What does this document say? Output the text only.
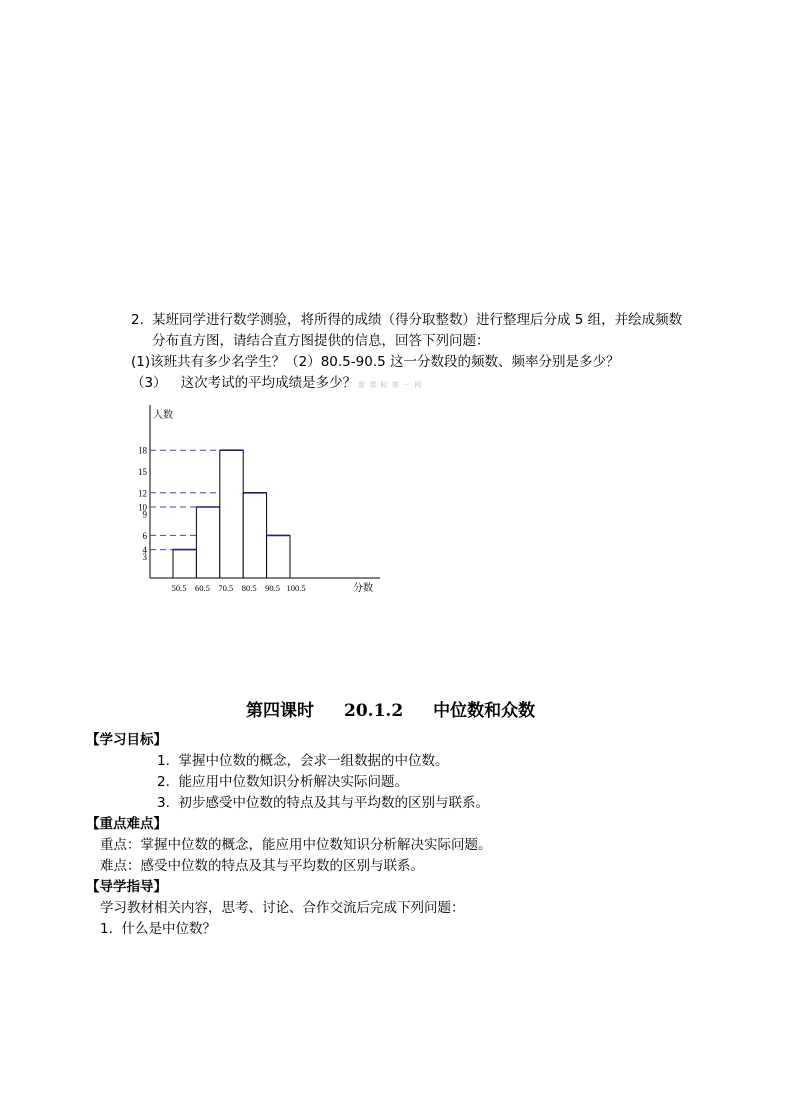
2. 某班同学进行数学测验，将所得的成绩（得分取整数）进行整理后分成 5 组，并绘成频数
分布直方图，请结合直方图提供的信息，回答下列问题：
(1)该班共有多少名学生？（2）80.5-90.5 这一分数段的频数、频率分别是多少？
（3） 这次考试的平均成绩是多少？ 新 课 标 第 一 网
3
4
6
9
10
12
15
18
50.5 60.5 70.5 80.5 90.5 100.5
人数
分数
第四课时 20.1.2 中位数和众数
【学习目标】
1. 掌握中位数的概念，会求一组数据的中位数。
2. 能应用中位数知识分析解决实际问题。
3. 初步感受中位数的特点及其与平均数的区别与联系。
【重点难点】
重点：掌握中位数的概念，能应用中位数知识分析解决实际问题。
难点：感受中位数的特点及其与平均数的区别与联系。
【导学指导】
学习教材相关内容，思考、讨论、合作交流后完成下列问题：
1. 什么是中位数？
